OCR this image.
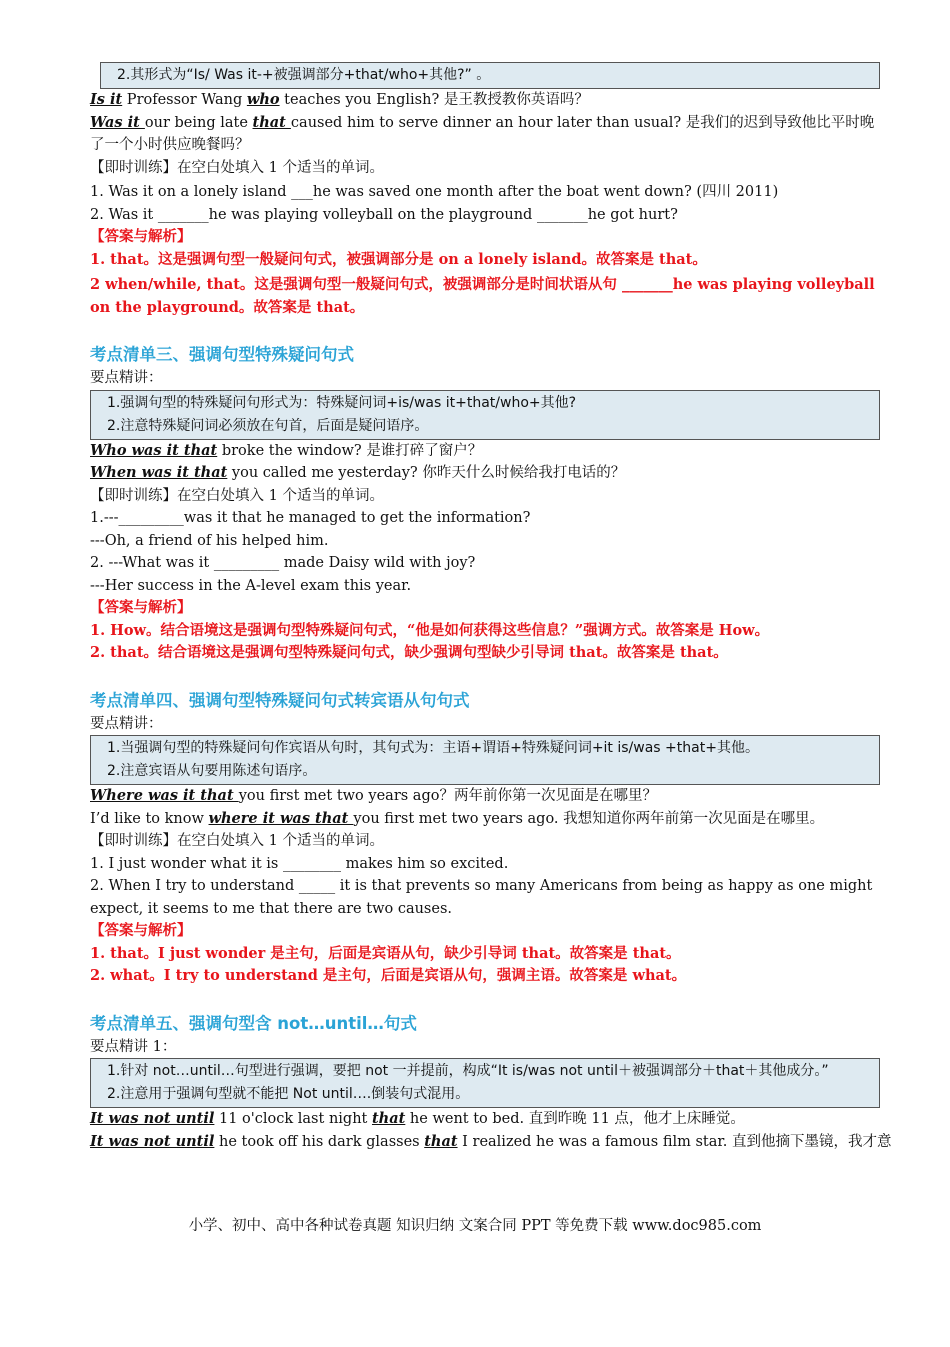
2.其形式为“Is/ Was it-+被强调部分+that/who+其他?” 。
Is it Professor Wang who teaches you English? 是王教授教你英语吗？
Was it our being late that caused him to serve dinner an hour later than usual? 是我们的迟到导致他比平时晚了一个小时供应晚餐吗？
【即时训练】在空白处填入 1 个适当的单词。
1. Was it on a lonely island ___he was saved one month after the boat went down? (四川 2011)
2. Was it _______he was playing volleyball on the playground _______he got hurt?
【答案与解析】
1. that。这是强调句型一般疑问句式，被强调部分是 on a lonely island。故答案是 that。
2 when/while, that。这是强调句型一般疑问句式，被强调部分是时间状语从句 _______he was playing volleyball on the playground。故答案是 that。
考点清单三、强调句型特殊疑问句式
要点精讲：
1.强调句型的特殊疑问句形式为：特殊疑问词+is/was it+that/who+其他?
2.注意特殊疑问词必须放在句首，后面是疑问语序。
Who was it that broke the window? 是谁打碎了窗户？
When was it that you called me yesterday? 你昨天什么时候给我打电话的？
【即时训练】在空白处填入 1 个适当的单词。
1.---_________was it that he managed to get the information?
---Oh, a friend of his helped him.
2. ---What was it _________ made Daisy wild with joy?
---Her success in the A-level exam this year.
【答案与解析】
1. How。结合语境这是强调句型特殊疑问句式，“他是如何获得这些信息？”强调方式。故答案是 How。
2. that。结合语境这是强调句型特殊疑问句式，缺少强调句型缺少引导词 that。故答案是 that。
考点清单四、强调句型特殊疑问句式转宾语从句句式
要点精讲：
1.当强调句型的特殊疑问句作宾语从句时，其句式为：主语+谓语+特殊疑问词+it is/was +that+其他。
2.注意宾语从句要用陈述句语序。
Where was it that you first met two years ago？两年前你第一次见面是在哪里？
I’d like to know where it was that you first met two years ago. 我想知道你两年前第一次见面是在哪里。
【即时训练】在空白处填入 1 个适当的单词。
1. I just wonder what it is ________ makes him so excited.
2. When I try to understand _____ it is that prevents so many Americans from being as happy as one might expect, it seems to me that there are two causes.
【答案与解析】
1. that。I just wonder 是主句，后面是宾语从句，缺少引导词 that。故答案是 that。
2. what。I try to understand 是主句，后面是宾语从句，强调主语。故答案是 what。
考点清单五、强调句型含 not…until…句式
要点精讲 1：
1.针对 not…until…句型进行强调，要把 not 一并提前，构成“It is/was not until＋被强调部分＋that＋其他成分。”
2.注意用于强调句型就不能把 Not until….倒装句式混用。
It was not until 11 o'clock last night that he went to bed. 直到昨晚 11 点，他才上床睡觉。
It was not until he took off his dark glasses that I realized he was a famous film star. 直到他摘下墨镜，我才意
小学、初中、高中各种试卷真题 知识归纳 文案合同 PPT 等免费下载 www.doc985.com
